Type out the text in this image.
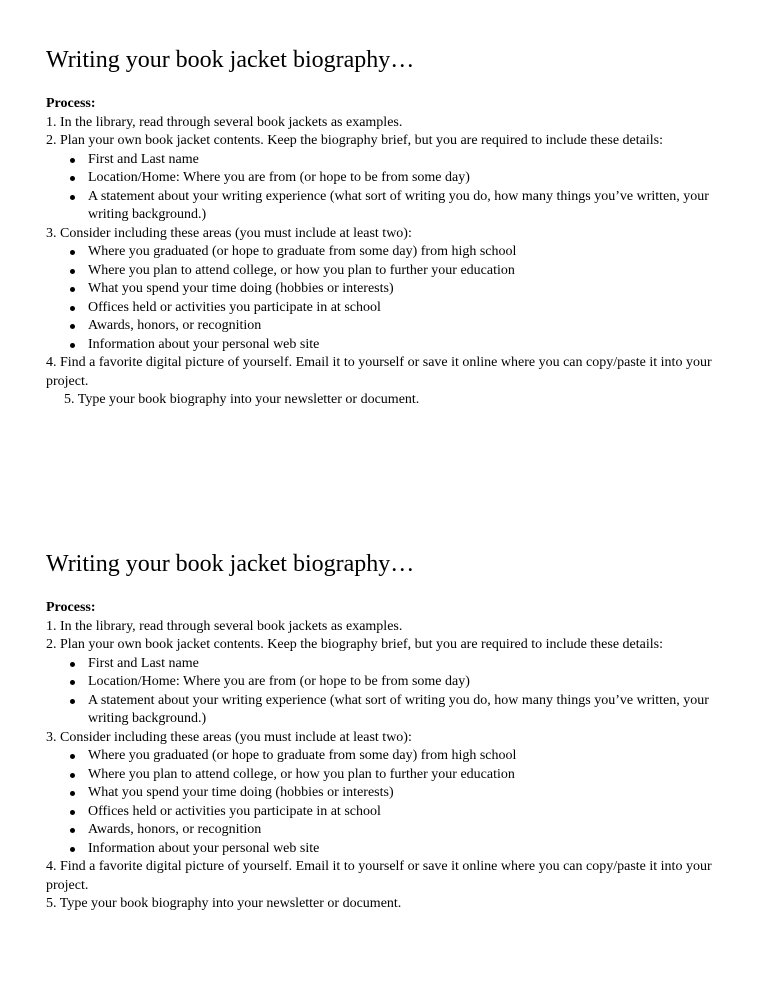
Writing your book jacket biography…
Process:
1. In the library, read through several book jackets as examples.
2. Plan your own book jacket contents. Keep the biography brief, but you are required to include these details:
First and Last name
Location/Home: Where you are from (or hope to be from some day)
A statement about your writing experience (what sort of writing you do, how many things you’ve written, your writing background.)
3. Consider including these areas (you must include at least two):
Where you graduated (or hope to graduate from some day) from high school
Where you plan to attend college, or how you plan to further your education
What you spend your time doing (hobbies or interests)
Offices held or activities you participate in at school
Awards, honors, or recognition
Information about your personal web site
4. Find a favorite digital picture of yourself. Email it to yourself or save it online where you can copy/paste it into your project.
5. Type your book biography into your newsletter or document.
Writing your book jacket biography…
Process:
1. In the library, read through several book jackets as examples.
2. Plan your own book jacket contents. Keep the biography brief, but you are required to include these details:
First and Last name
Location/Home: Where you are from (or hope to be from some day)
A statement about your writing experience (what sort of writing you do, how many things you’ve written, your writing background.)
3. Consider including these areas (you must include at least two):
Where you graduated (or hope to graduate from some day) from high school
Where you plan to attend college, or how you plan to further your education
What you spend your time doing (hobbies or interests)
Offices held or activities you participate in at school
Awards, honors, or recognition
Information about your personal web site
4. Find a favorite digital picture of yourself. Email it to yourself or save it online where you can copy/paste it into your project.
5. Type your book biography into your newsletter or document.
